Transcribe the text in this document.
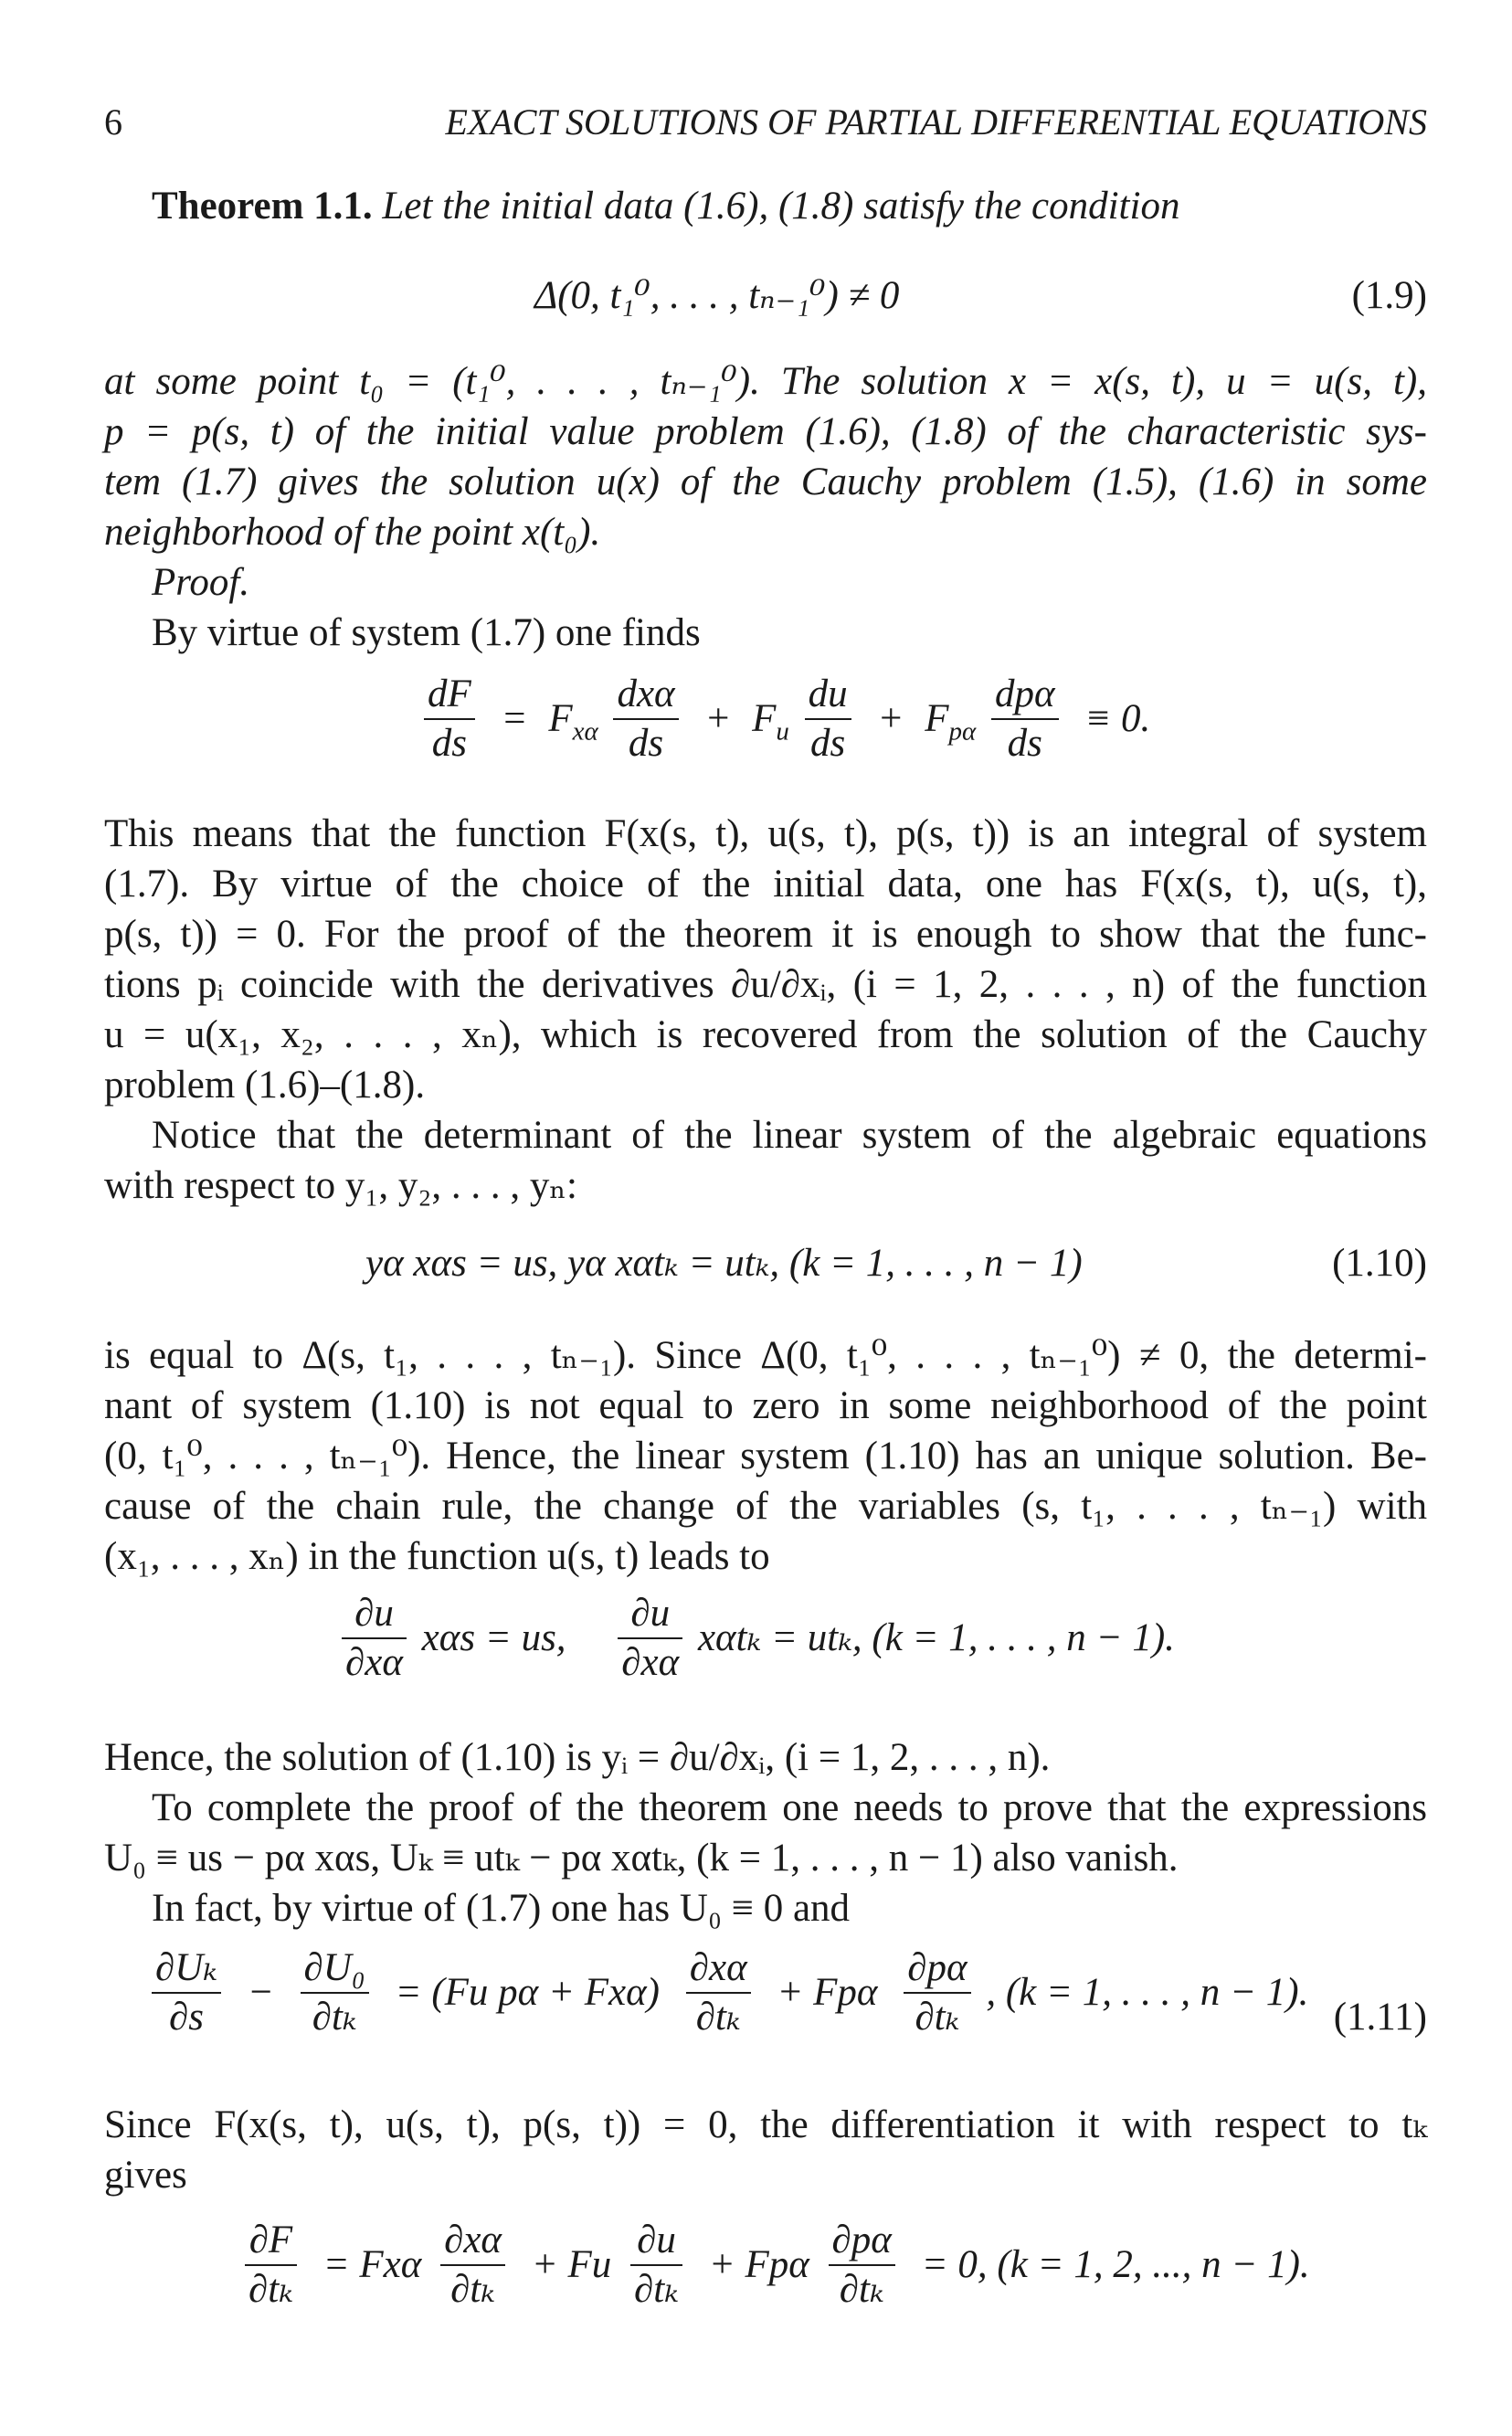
6	EXACT SOLUTIONS OF PARTIAL DIFFERENTIAL EQUATIONS
Theorem 1.1. Let the initial data (1.6), (1.8) satisfy the condition
Δ(0, t₁⁰, . . . , tₙ₋₁⁰) ≠ 0	(1.9)
at some point t₀ = (t₁⁰, . . . , tₙ₋₁⁰). The solution x = x(s, t), u = u(s, t),
p = p(s, t) of the initial value problem (1.6), (1.8) of the characteristic sys-
tem (1.7) gives the solution u(x) of the Cauchy problem (1.5), (1.6) in some
neighborhood of the point x(t₀).
Proof.
By virtue of system (1.7) one finds
$\frac{dF}{ds} = F_{x\alpha} \frac{\text{dxα}}{ds} + F_u \frac{du}{ds} + F_{p\alpha} \frac{\text{dpα}}{ds} \equiv 0$.
This means that the function F(x(s, t), u(s, t), p(s, t)) is an integral of system
(1.7). By virtue of the choice of the initial data, one has F(x(s, t), u(s, t),
p(s, t)) = 0. For the proof of the theorem it is enough to show that the func-
tions pᵢ coincide with the derivatives ∂u/∂xᵢ, (i = 1, 2, . . . , n) of the function
u = u(x₁, x₂, . . . , xₙ), which is recovered from the solution of the Cauchy
problem (1.6)–(1.8).
Notice that the determinant of the linear system of the algebraic equations
with respect to y₁, y₂, . . . , yₙ:
yα xαs = us, yα xαtₖ = utₖ, (k = 1, . . . , n − 1)	(1.10)
is equal to Δ(s, t₁, . . . , tₙ₋₁). Since Δ(0, t₁⁰, . . . , tₙ₋₁⁰) ≠ 0, the determi-
nant of system (1.10) is not equal to zero in some neighborhood of the point
(0, t₁⁰, . . . , tₙ₋₁⁰). Hence, the linear system (1.10) has an unique solution. Be-
cause of the chain rule, the change of the variables (s, t₁, . . . , tₙ₋₁) with
(x₁, . . . , xₙ) in the function u(s, t) leads to
$\frac{\partial u}{\partial x\alpha}$ xαs = us, $\frac{\partial u}{\partial x\alpha}$ xαtₖ = utₖ, (k = 1, . . . , n − 1).
Hence, the solution of (1.10) is yᵢ = ∂u/∂xᵢ, (i = 1, 2, . . . , n).
To complete the proof of the theorem one needs to prove that the expressions
U₀ ≡ us − pα xαs, Uₖ ≡ utₖ − pα xαtₖ, (k = 1, . . . , n − 1) also vanish.
In fact, by virtue of (1.7) one has U₀ ≡ 0 and
$\frac{\text{∂Uₖ}}{\partial s} - \frac{\text{∂U₀}}{\text{∂tₖ}} = (Fu$ $p\alpha + Fx\alpha) \frac{\partial x\alpha}{\text{∂tₖ}} + Fp\alpha \frac{\partial p\alpha}{\text{∂tₖ}}$ , (k = 1, . . . , n − 1).
(1.11)
Since F(x(s, t), u(s, t), p(s, t)) = 0, the differentiation it with respect to tₖ
gives
$\frac{\partial F}{\text{∂tₖ}} = Fx\alpha \frac{\partial x\alpha}{\text{∂tₖ}} + Fu \frac{\partial u}{\text{∂tₖ}} + Fp\alpha \frac{\partial p\alpha}{\text{∂tₖ}} = 0$, (k = 1, 2, ..., n − 1).
